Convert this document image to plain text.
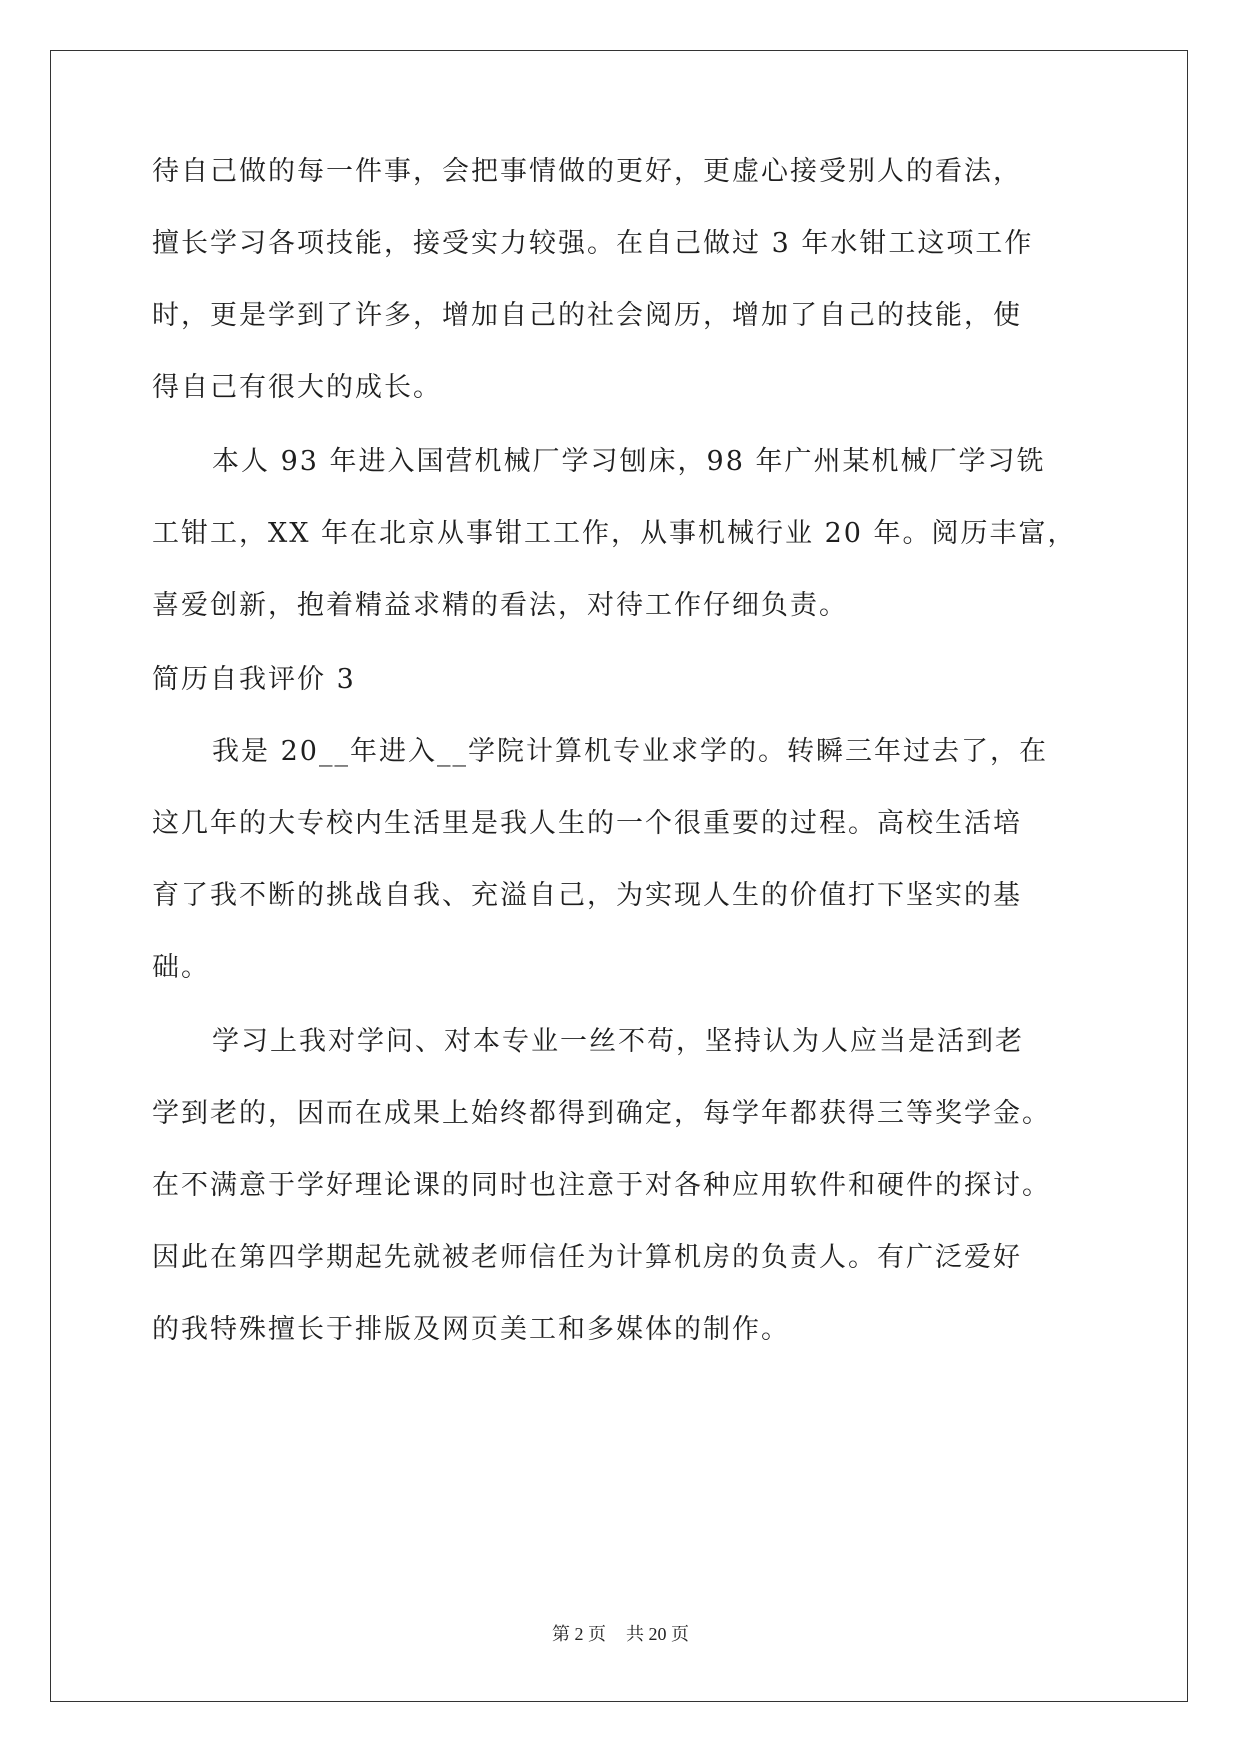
待自己做的每一件事，会把事情做的更好，更虚心接受别人的看法，
擅长学习各项技能，接受实力较强。在自己做过 3 年水钳工这项工作
时，更是学到了许多，增加自己的社会阅历，增加了自己的技能，使
得自己有很大的成长。
本人 93 年进入国营机械厂学习刨床，98 年广州某机械厂学习铣
工钳工，XX 年在北京从事钳工工作，从事机械行业 20 年。阅历丰富，
喜爱创新，抱着精益求精的看法，对待工作仔细负责。
简历自我评价 3
我是 20__年进入__学院计算机专业求学的。转瞬三年过去了，在
这几年的大专校内生活里是我人生的一个很重要的过程。高校生活培
育了我不断的挑战自我、充溢自己，为实现人生的价值打下坚实的基
础。
学习上我对学问、对本专业一丝不苟，坚持认为人应当是活到老
学到老的，因而在成果上始终都得到确定，每学年都获得三等奖学金。
在不满意于学好理论课的同时也注意于对各种应用软件和硬件的探讨。
因此在第四学期起先就被老师信任为计算机房的负责人。有广泛爱好
的我特殊擅长于排版及网页美工和多媒体的制作。
第 2 页 共 20 页
